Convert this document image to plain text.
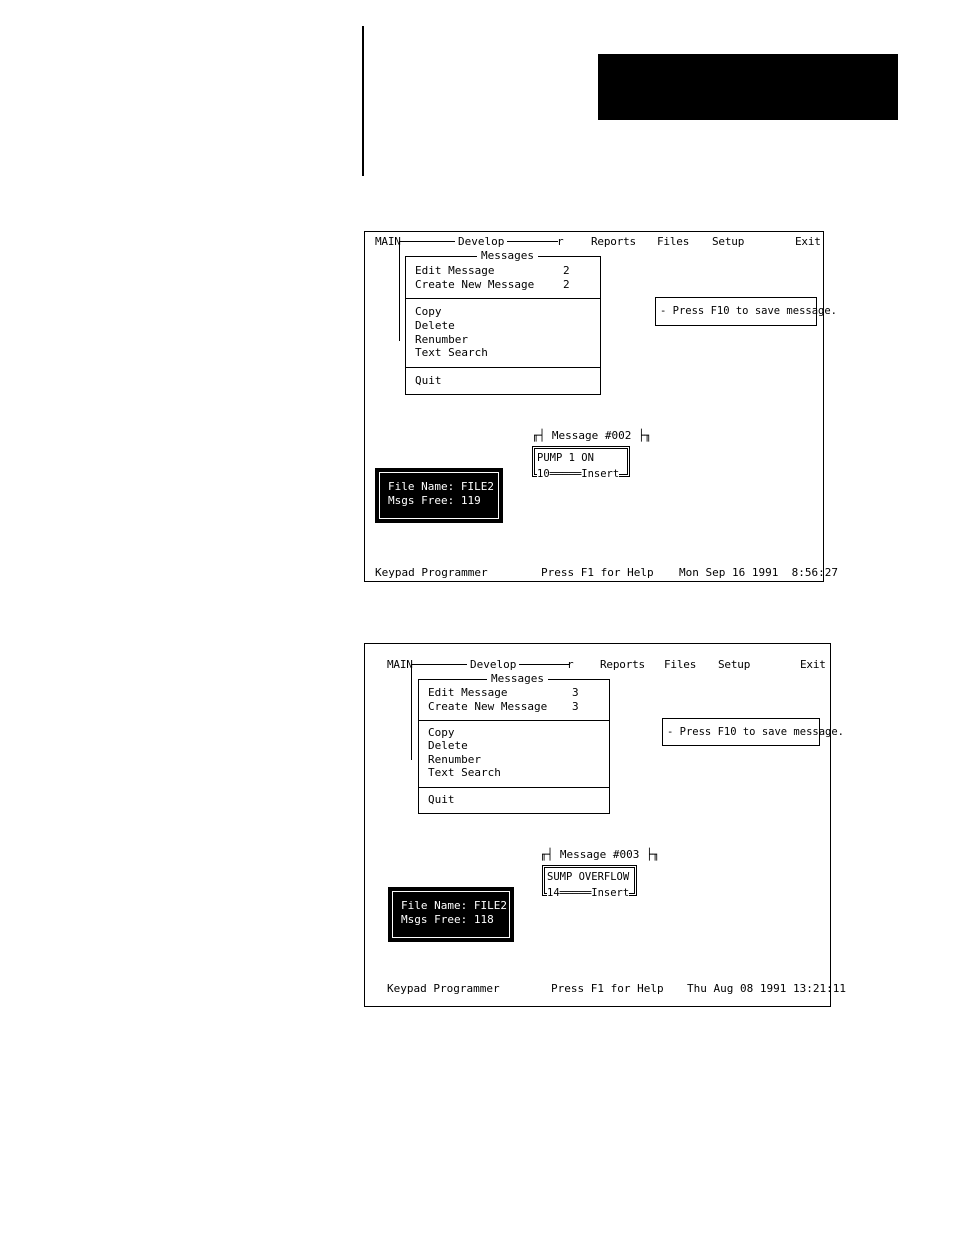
MAIN	Develop	r Reports Files Setup	Exit
Messages
Edit Message	2
Create New Message	2
Copy
Delete
Renumber
Text Search
Quit
- Press F10 to save message.
╓┤ Message #002 ├╖
PUMP 1 ON
10═════Insert
File Name: FILE2
Msgs Free: 119
Keypad Programmer	Press F1 for Help Mon Sep 16 1991  8:56:27
MAIN	Develop	r Reports Files Setup	Exit
Messages
Edit Message	3
Create New Message 3
Copy
Delete
Renumber
Text Search
Quit
- Press F10 to save message.
╓┤ Message #003 ├╖
SUMP OVERFLOW
14═════Insert
File Name: FILE2
Msgs Free: 118
Keypad Programmer	Press F1 for Help Thu Aug 08 1991 13:21:11
